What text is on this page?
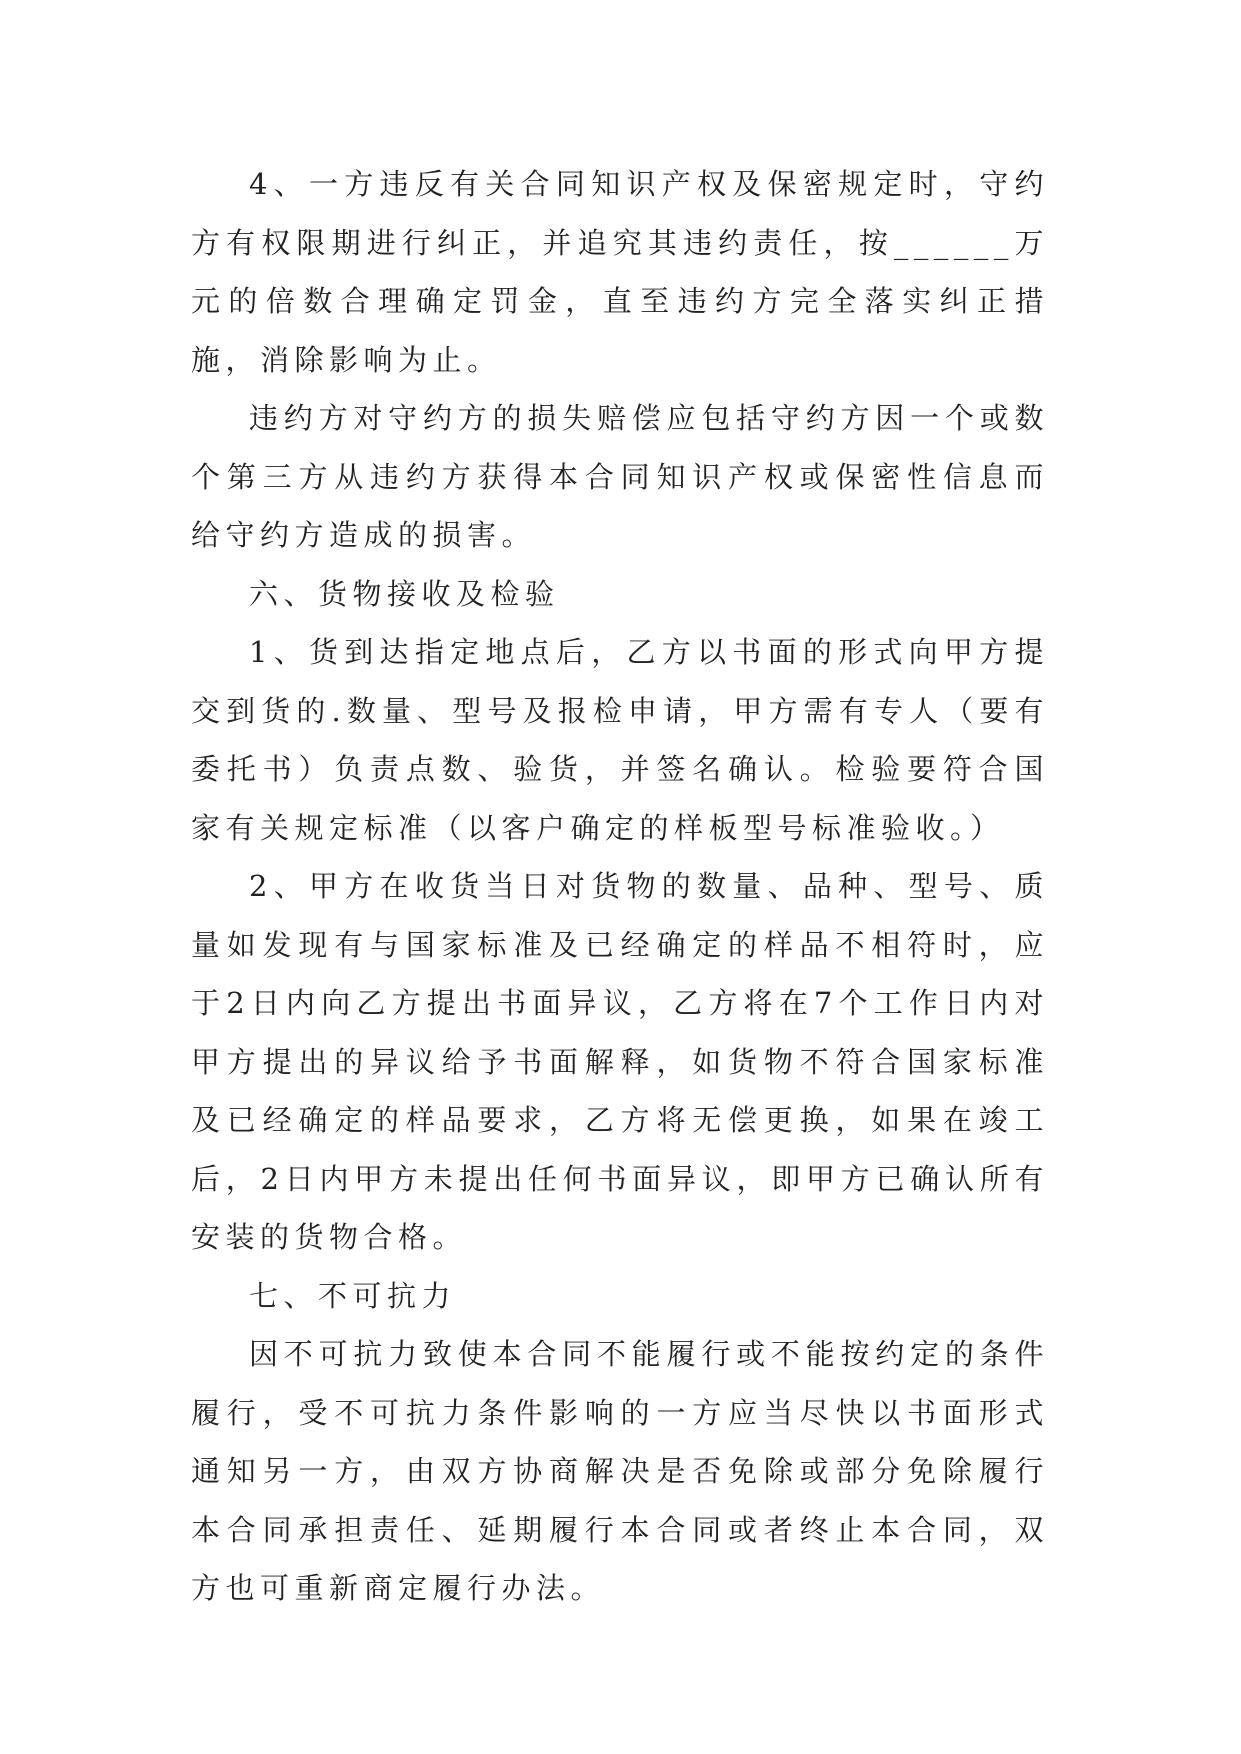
4、一方违反有关合同知识产权及保密规定时，守约方有权限期进行纠正，并追究其违约责任，按______万元的倍数合理确定罚金，直至违约方完全落实纠正措施，消除影响为止。

违约方对守约方的损失赔偿应包括守约方因一个或数个第三方从违约方获得本合同知识产权或保密性信息而给守约方造成的损害。

六、货物接收及检验

1、货到达指定地点后，乙方以书面的形式向甲方提交到货的.数量、型号及报检申请，甲方需有专人（要有委托书）负责点数、验货，并签名确认。检验要符合国家有关规定标准（以客户确定的样板型号标准验收。）

2、甲方在收货当日对货物的数量、品种、型号、质量如发现有与国家标准及已经确定的样品不相符时，应于2日内向乙方提出书面异议，乙方将在7个工作日内对甲方提出的异议给予书面解释，如货物不符合国家标准及已经确定的样品要求，乙方将无偿更换，如果在竣工后，2日内甲方未提出任何书面异议，即甲方已确认所有安装的货物合格。

七、不可抗力

因不可抗力致使本合同不能履行或不能按约定的条件履行，受不可抗力条件影响的一方应当尽快以书面形式通知另一方，由双方协商解决是否免除或部分免除履行本合同承担责任、延期履行本合同或者终止本合同，双方也可重新商定履行办法。
